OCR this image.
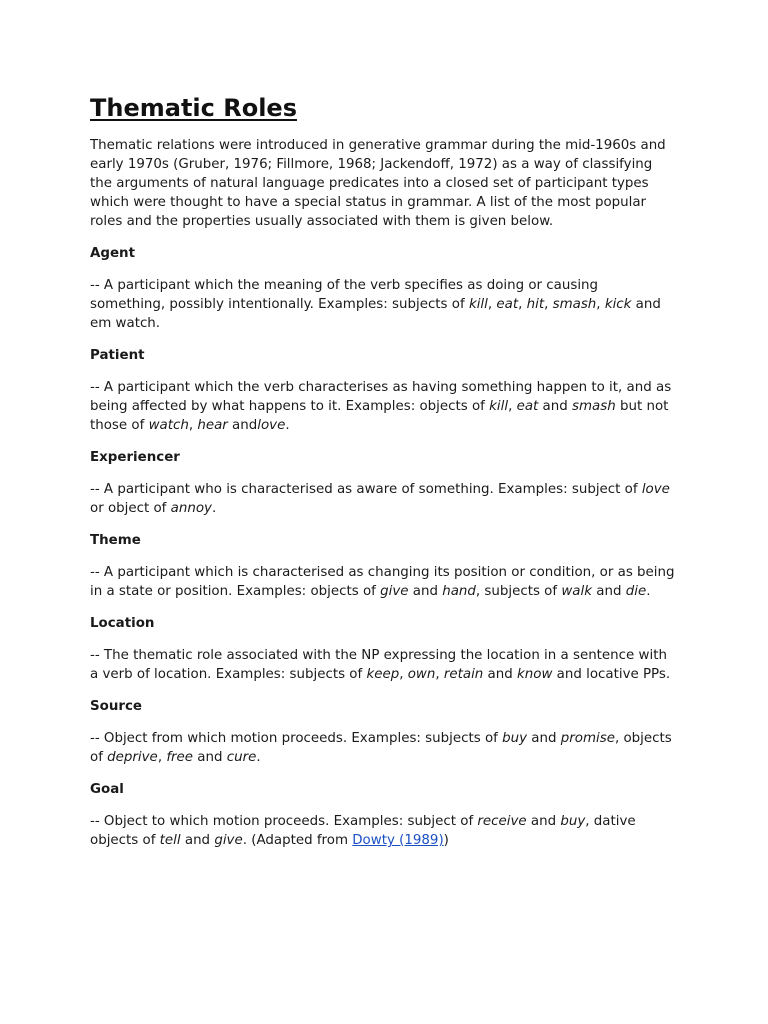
Thematic Roles

Thematic relations were introduced in generative grammar during the mid-1960s and early 1970s (Gruber, 1976; Fillmore, 1968; Jackendoff, 1972) as a way of classifying the arguments of natural language predicates into a closed set of participant types which were thought to have a special status in grammar. A list of the most popular roles and the properties usually associated with them is given below.

Agent

-- A participant which the meaning of the verb specifies as doing or causing something, possibly intentionally. Examples: subjects of kill, eat, hit, smash, kick and em watch.

Patient

-- A participant which the verb characterises as having something happen to it, and as being affected by what happens to it. Examples: objects of kill, eat and smash but not those of watch, hear andlove.

Experiencer

-- A participant who is characterised as aware of something. Examples: subject of love or object of annoy.

Theme

-- A participant which is characterised as changing its position or condition, or as being in a state or position. Examples: objects of give and hand, subjects of walk and die.

Location

-- The thematic role associated with the NP expressing the location in a sentence with a verb of location. Examples: subjects of keep, own, retain and know and locative PPs.

Source

-- Object from which motion proceeds. Examples: subjects of buy and promise, objects of deprive, free and cure.

Goal

-- Object to which motion proceeds. Examples: subject of receive and buy, dative objects of tell and give. (Adapted from Dowty (1989))
